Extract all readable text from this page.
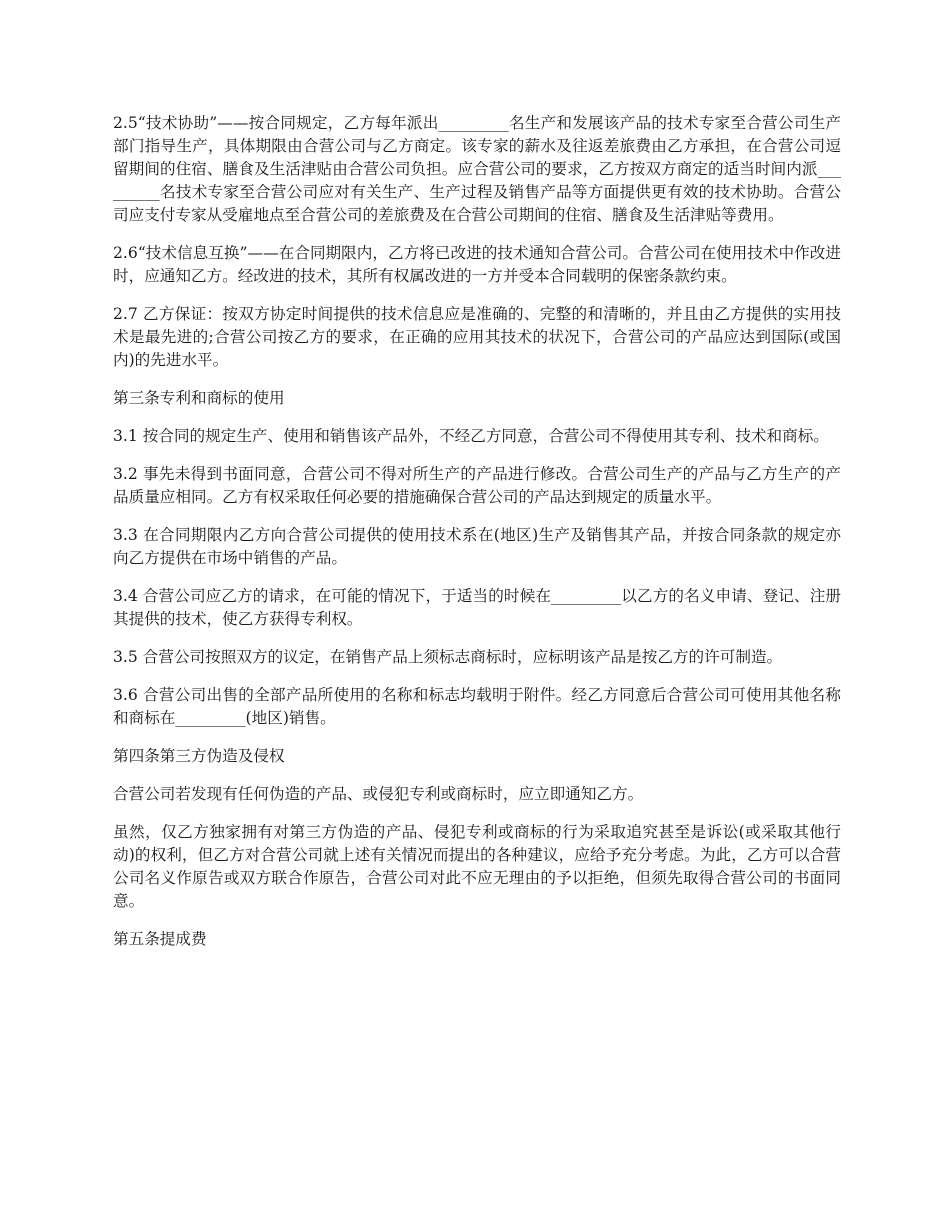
2.5“技术协助”——按合同规定，乙方每年派出_________名生产和发展该产品的技术专家至合营公司生产部门指导生产，具体期限由合营公司与乙方商定。该专家的薪水及往返差旅费由乙方承担，在合营公司逗留期间的住宿、膳食及生活津贴由合营公司负担。应合营公司的要求，乙方按双方商定的适当时间内派_________名技术专家至合营公司应对有关生产、生产过程及销售产品等方面提供更有效的技术协助。合营公司应支付专家从受雇地点至合营公司的差旅费及在合营公司期间的住宿、膳食及生活津贴等费用。

2.6“技术信息互换”——在合同期限内，乙方将已改进的技术通知合营公司。合营公司在使用技术中作改进时，应通知乙方。经改进的技术，其所有权属改进的一方并受本合同载明的保密条款约束。

2.7 乙方保证：按双方协定时间提供的技术信息应是准确的、完整的和清晰的，并且由乙方提供的实用技术是最先进的;合营公司按乙方的要求，在正确的应用其技术的状况下，合营公司的产品应达到国际(或国内)的先进水平。

第三条专利和商标的使用

3.1 按合同的规定生产、使用和销售该产品外，不经乙方同意，合营公司不得使用其专利、技术和商标。

3.2 事先未得到书面同意，合营公司不得对所生产的产品进行修改。合营公司生产的产品与乙方生产的产品质量应相同。乙方有权采取任何必要的措施确保合营公司的产品达到规定的质量水平。

3.3 在合同期限内乙方向合营公司提供的使用技术系在(地区)生产及销售其产品，并按合同条款的规定亦向乙方提供在市场中销售的产品。

3.4 合营公司应乙方的请求，在可能的情况下，于适当的时候在_________以乙方的名义申请、登记、注册其提供的技术，使乙方获得专利权。

3.5 合营公司按照双方的议定，在销售产品上须标志商标时，应标明该产品是按乙方的许可制造。

3.6 合营公司出售的全部产品所使用的名称和标志均载明于附件。经乙方同意后合营公司可使用其他名称和商标在_________(地区)销售。

第四条第三方伪造及侵权

合营公司若发现有任何伪造的产品、或侵犯专利或商标时，应立即通知乙方。

虽然，仅乙方独家拥有对第三方伪造的产品、侵犯专利或商标的行为采取追究甚至是诉讼(或采取其他行动)的权利，但乙方对合营公司就上述有关情况而提出的各种建议，应给予充分考虑。为此，乙方可以合营公司名义作原告或双方联合作原告，合营公司对此不应无理由的予以拒绝，但须先取得合营公司的书面同意。

第五条提成费
